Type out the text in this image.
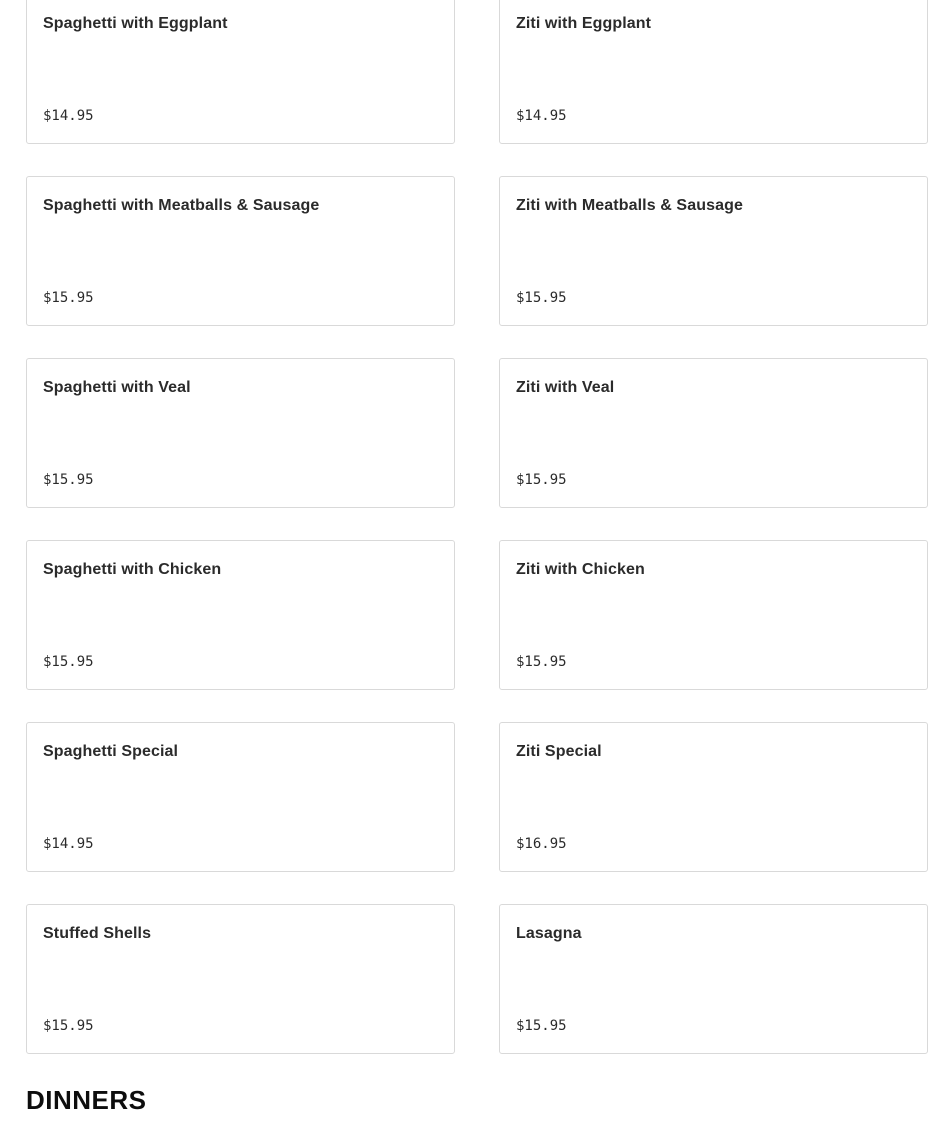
Spaghetti with Eggplant
$14.95
Ziti with Eggplant
$14.95
Spaghetti with Meatballs & Sausage
$15.95
Ziti with Meatballs & Sausage
$15.95
Spaghetti with Veal
$15.95
Ziti with Veal
$15.95
Spaghetti with Chicken
$15.95
Ziti with Chicken
$15.95
Spaghetti Special
$14.95
Ziti Special
$16.95
Stuffed Shells
$15.95
Lasagna
$15.95
DINNERS
